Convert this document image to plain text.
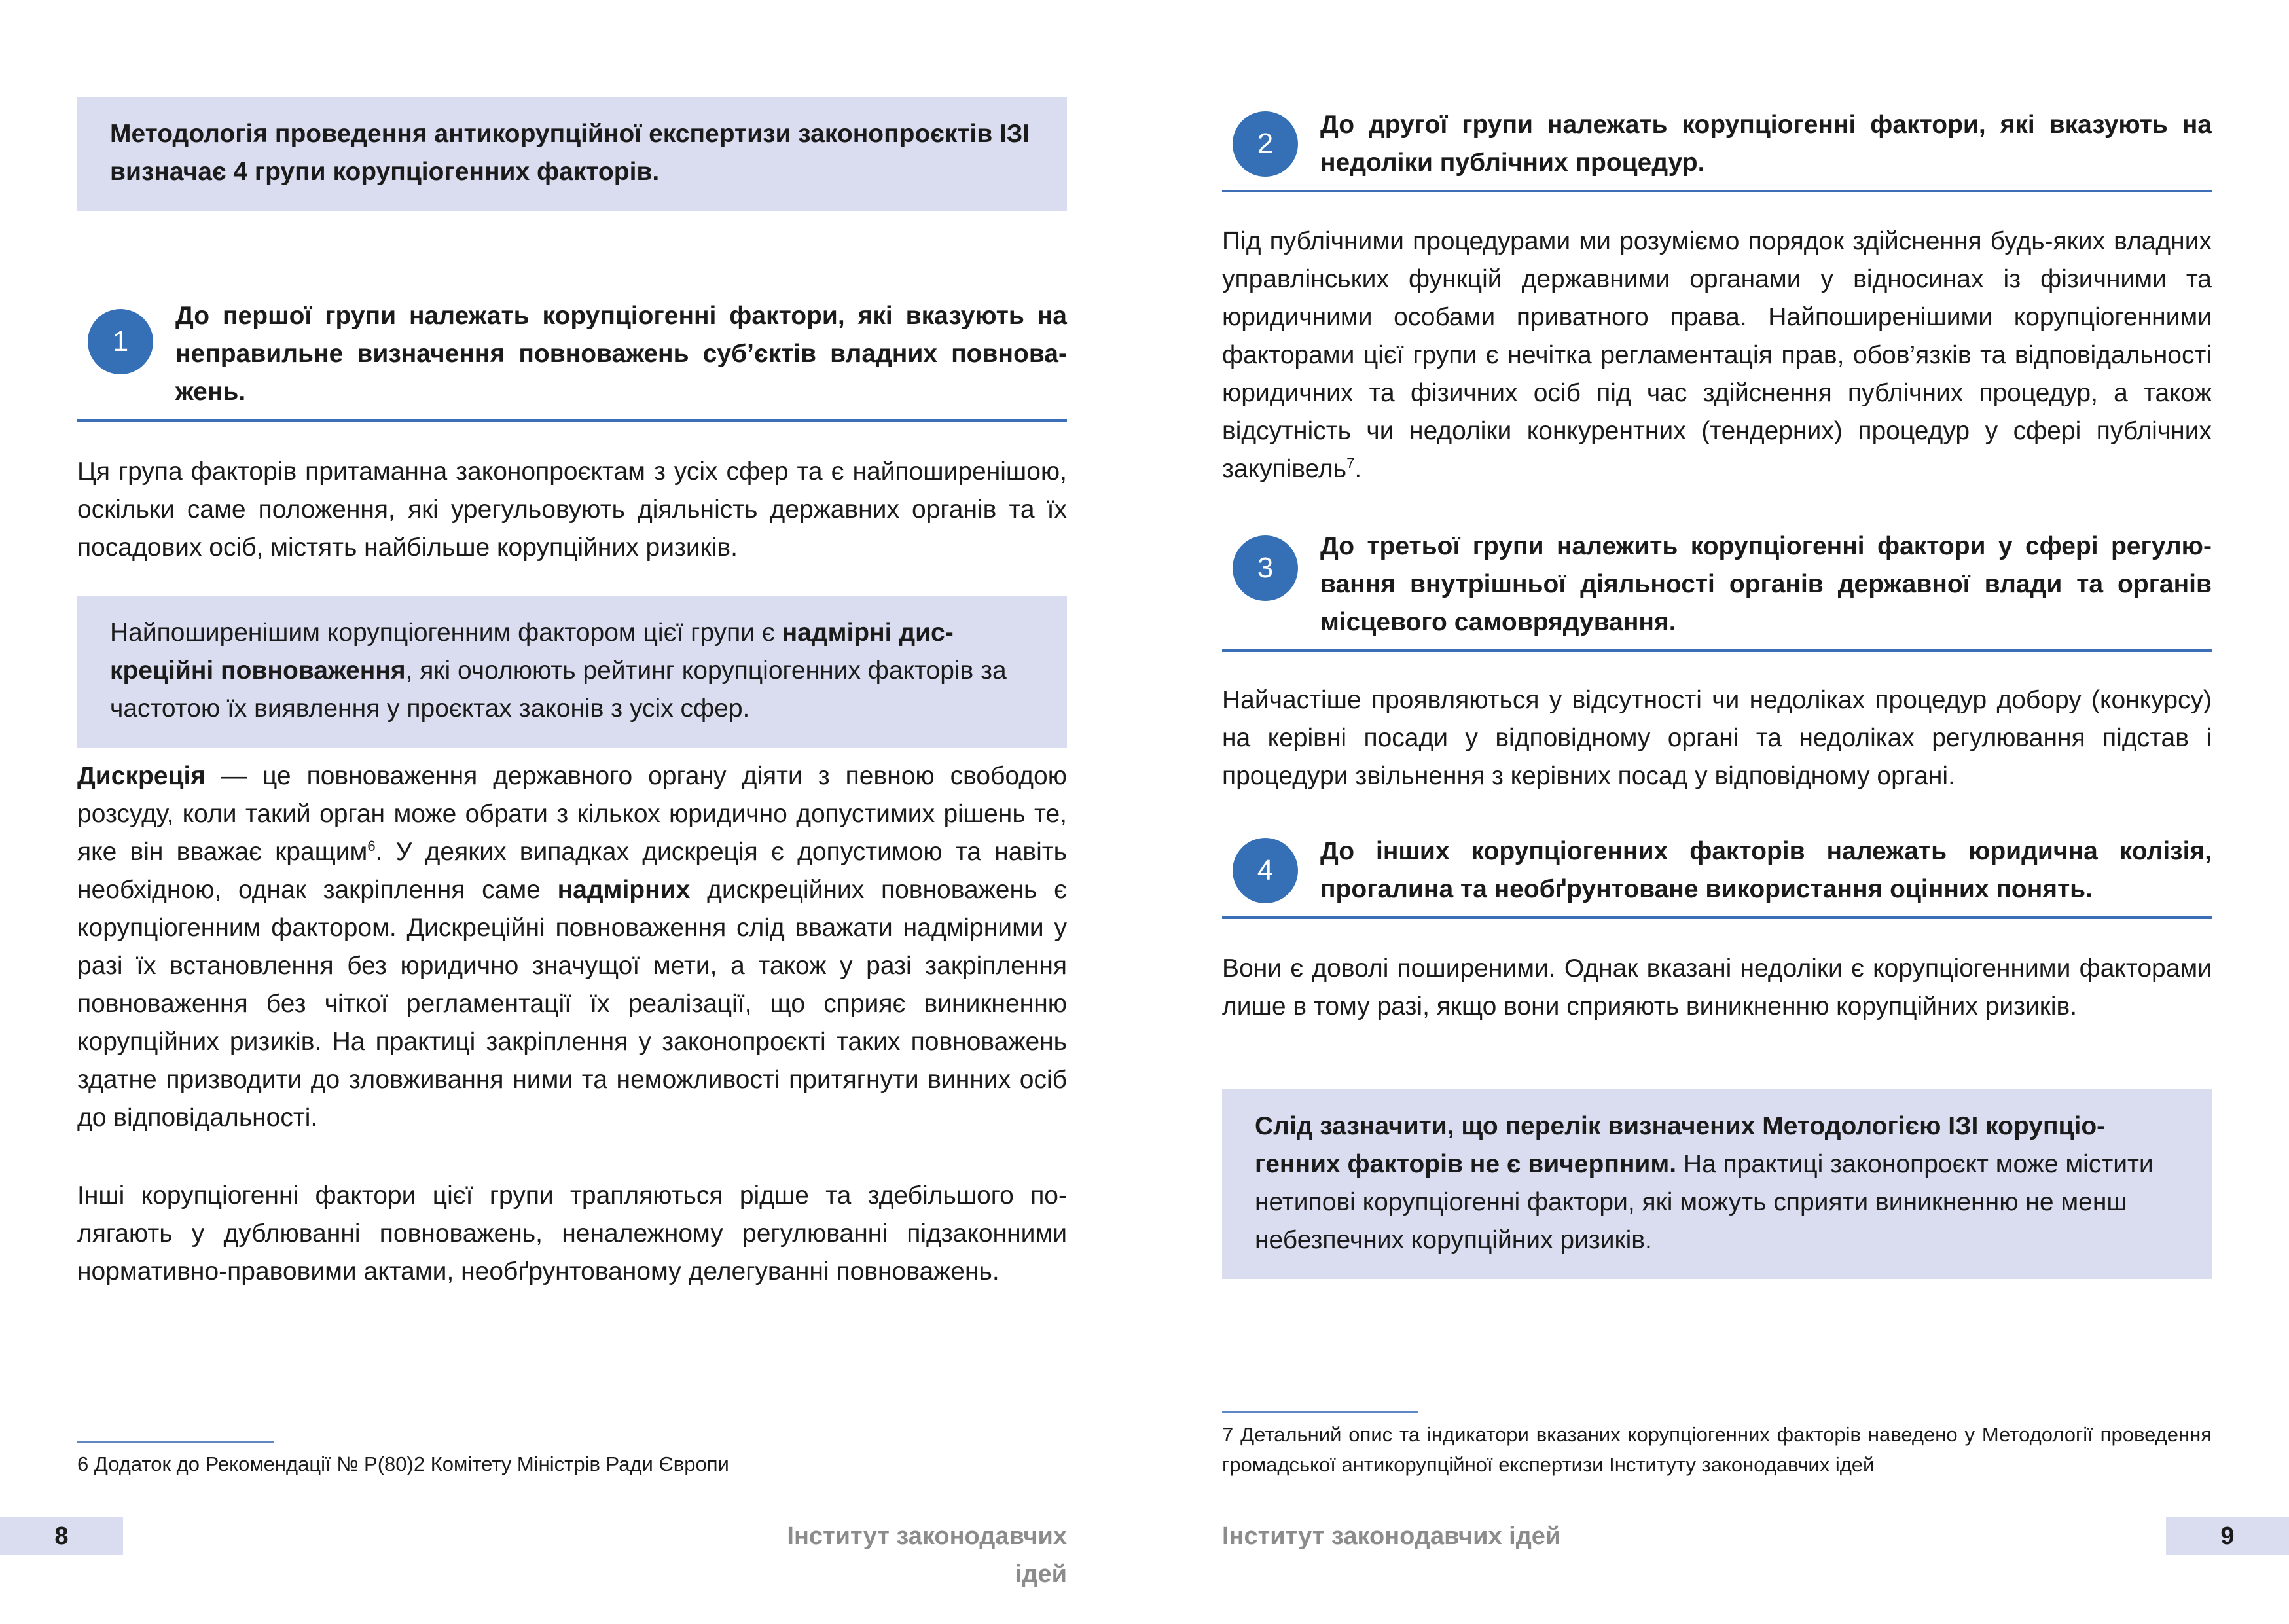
Методологія проведення антикорупційної експертизи законопроєктів ІЗІ визначає 4 групи корупціогенних факторів.
1
До першої групи належать корупціогенні фактори, які вказують на неправильне визначення повноважень суб’єктів владних повноважень.

Ця група факторів притаманна законопроєктам з усіх сфер та є найпоширенішою, оскільки саме положення, які урегульовують діяльність державних органів та їх посадових осіб, містять найбільше корупційних ризиків.

Найпоширенішим корупціогенним фактором цієї групи є надмірні дискреційні повноваження, які очолюють рейтинг корупціогенних факторів за частотою їх виявлення у проєктах законів з усіх сфер.

Дискреція — це повноваження державного органу діяти з певною свободою розсуду, коли такий орган може обрати з кількох юридично допустимих рішень те, яке він вважає кращим$^6$. У деяких випадках дискреція є допустимою та навіть необхідною, однак закріплення саме надмірних дискреційних повноважень є корупціогенним фактором. Дискреційні повноваження слід вважати надмірними у разі їх встановлення без юридично значущої мети, а також у разі закріплення повноваження без чіткої регламентації їх реалізації, що сприяє виникненню корупційних ризиків. На практиці закріплення у законопроєкті таких повноважень здатне призводити до зловживання ними та неможливості притягнути винних осіб до відповідальності.

Інші корупціогенні фактори цієї групи трапляються рідше та здебільшого полягають у дублюванні повноважень, неналежному регулюванні підзаконними нормативно-правовими актами, необґрунтованому делегуванні повноважень.

6 Додаток до Рекомендації № Р(80)2 Комітету Міністрів Ради Європи
8	Інститут законодавчих ідей
2
До другої групи належать корупціогенні фактори, які вказують на недоліки публічних процедур.

Під публічними процедурами ми розуміємо порядок здійснення будь-яких владних управлінських функцій державними органами у відносинах із фізичними та юридичними особами приватного права. Найпоширенішими корупціогенними факторами цієї групи є нечітка регламентація прав, обов’язків та відповідальності юридичних та фізичних осіб під час здійснення публічних процедур, а також відсутність чи недоліки конкурентних (тендерних) процедур у сфері публічних закупівель$^7$.

3
До третьої групи належить корупціогенні фактори у сфері регулювання внутрішньої діяльності органів державної влади та органів місцевого самоврядування.

Найчастіше проявляються у відсутності чи недоліках процедур добору (конкурсу) на керівні посади у відповідному органі та недоліках регулювання підстав і процедури звільнення з керівних посад у відповідному органі.

4
До інших корупціогенних факторів належать юридична колізія, прогалина та необґрунтоване використання оцінних понять.

Вони є доволі поширеними. Однак вказані недоліки є корупціогенними факторами лише в тому разі, якщо вони сприяють виникненню корупційних ризиків.

Слід зазначити, що перелік визначених Методологією ІЗІ корупціогенних факторів не є вичерпним. На практиці законопроєкт може містити нетипові корупціогенні фактори, які можуть сприяти виникненню не менш небезпечних корупційних ризиків.
7 Детальний опис та індикатори вказаних корупціогенних факторів наведено у Методології проведення громадської антикорупційної експертизи Інституту законодавчих ідей
Інститут законодавчих ідей	9
